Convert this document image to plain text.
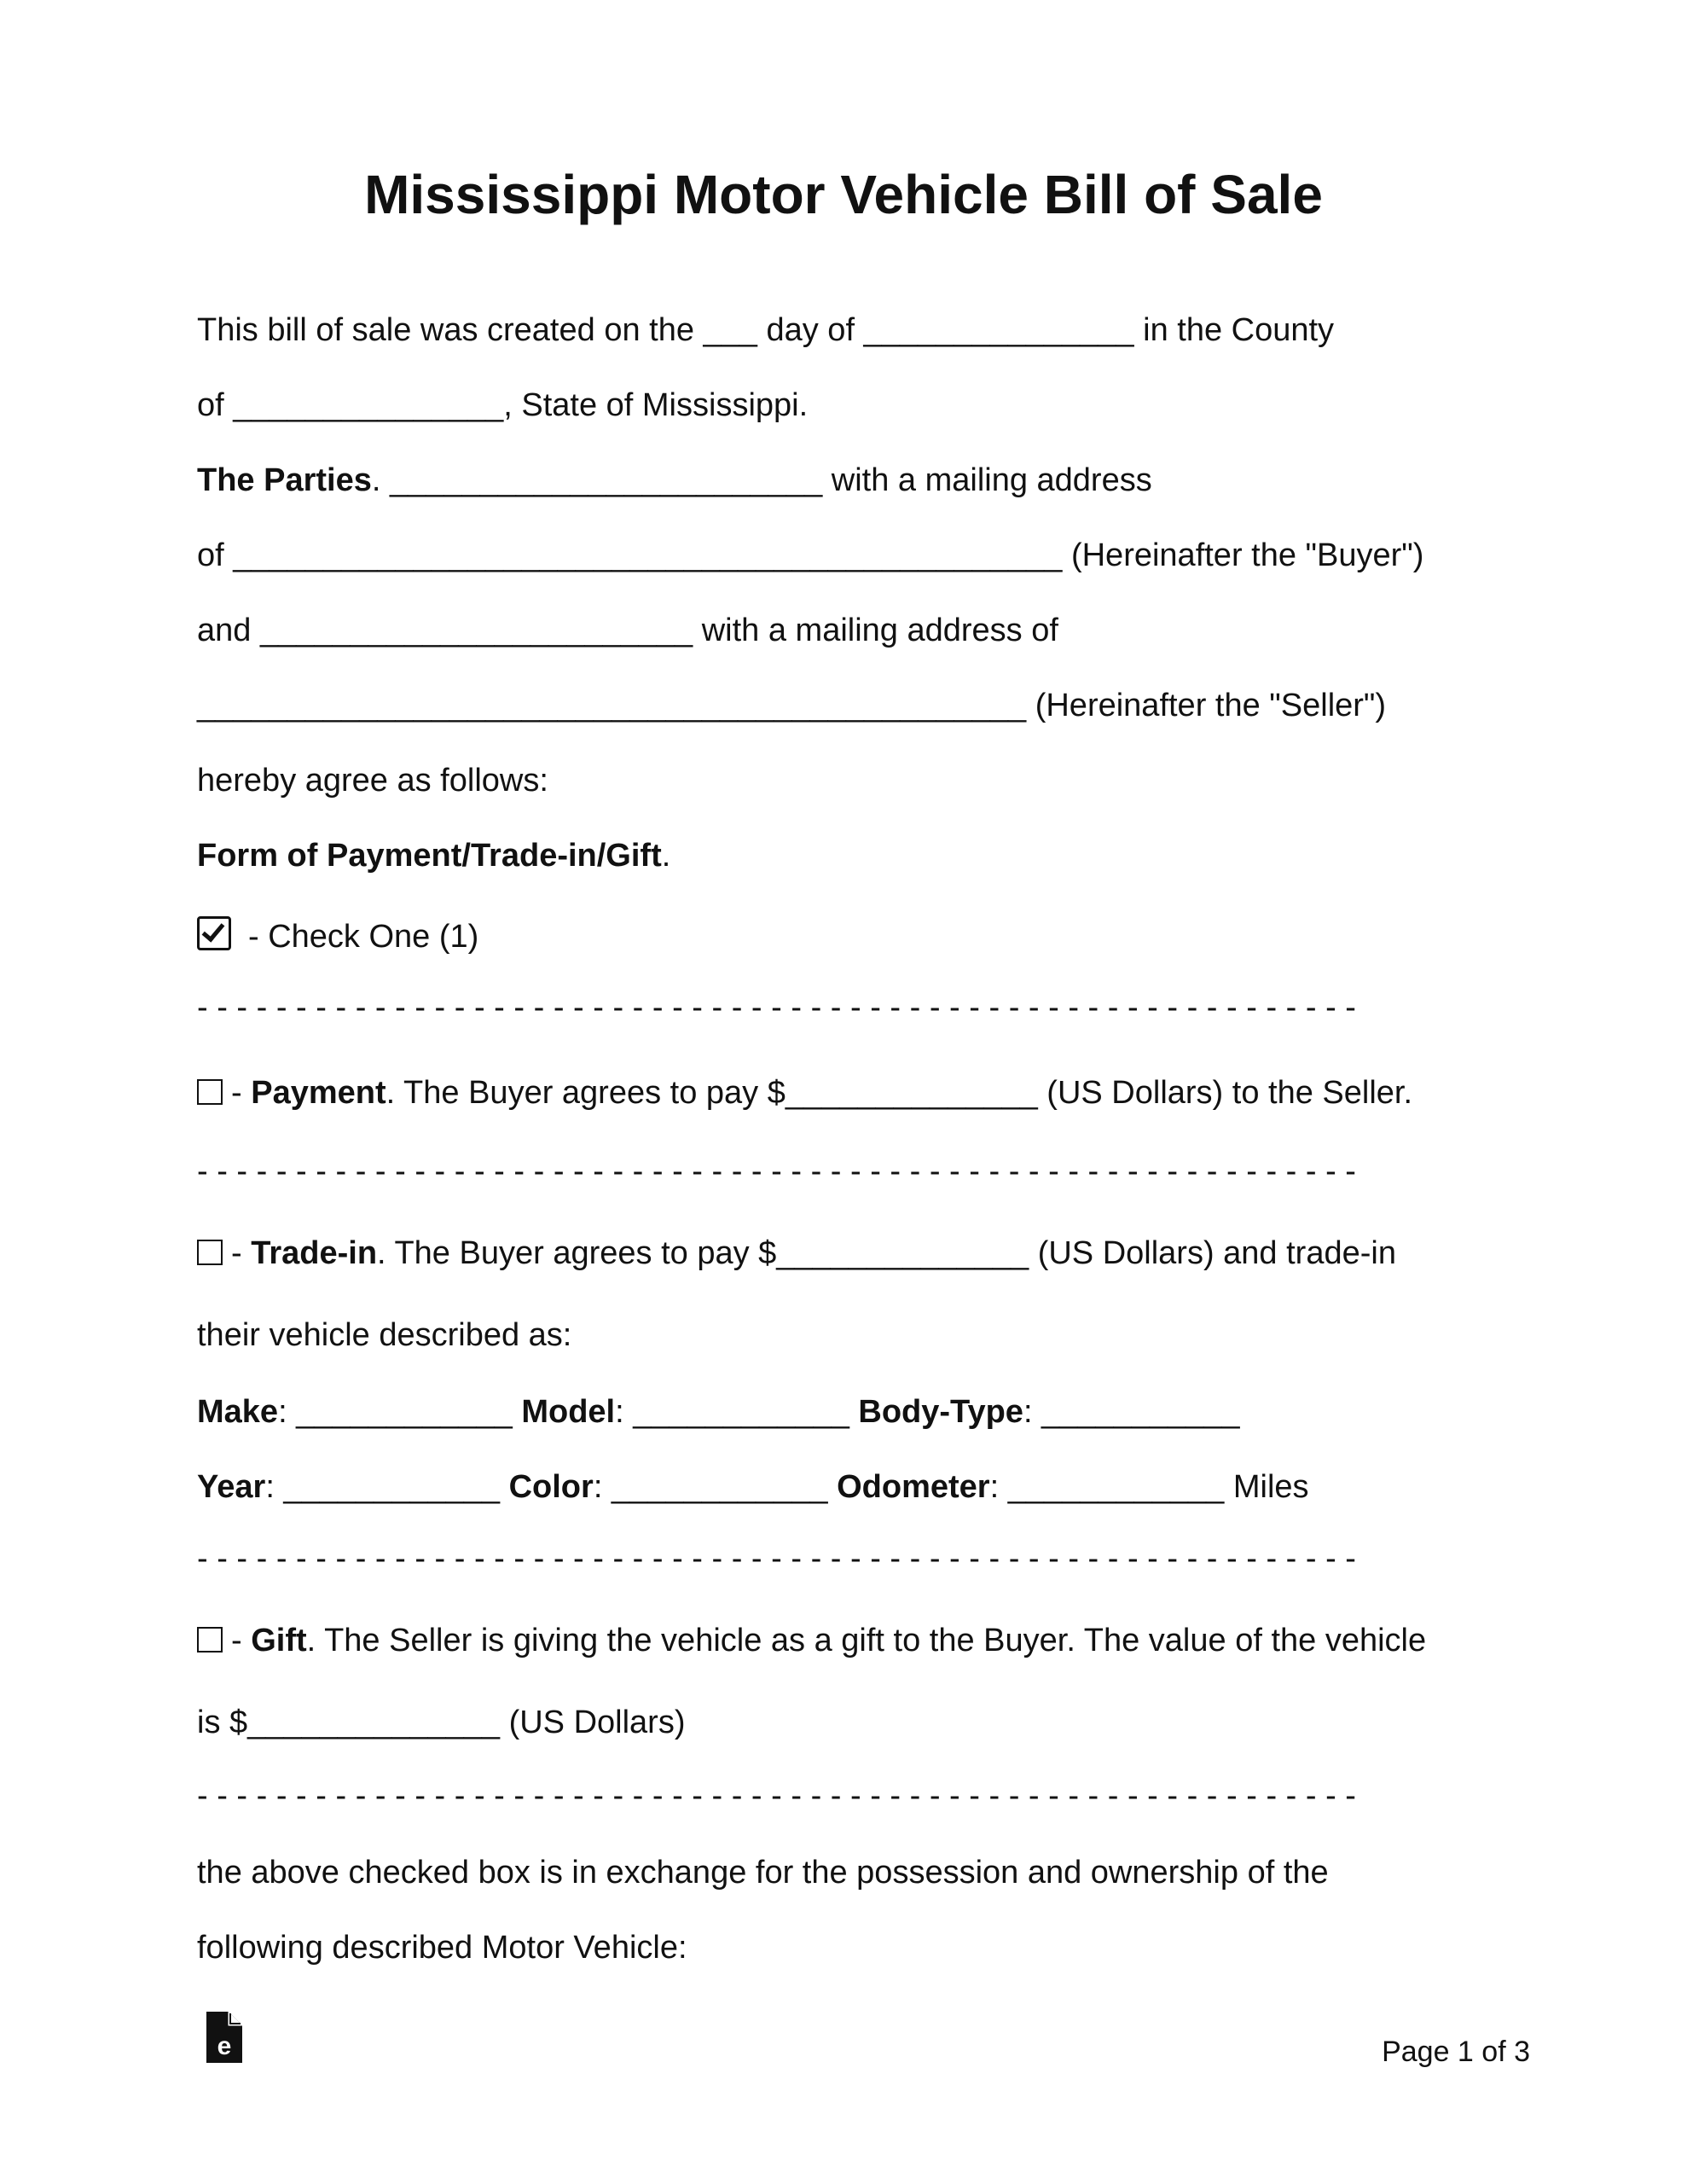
Mississippi Motor Vehicle Bill of Sale
This bill of sale was created on the ___ day of _______________ in the County
of _______________, State of Mississippi.
The Parties. ________________________ with a mailing address
of ______________________________________________ (Hereinafter the "Buyer")
and ________________________ with a mailing address of
______________________________________________ (Hereinafter the "Seller")
hereby agree as follows:
Form of Payment/Trade-in/Gift.
- Check One (1)
- - - - - - - - - - - - - - - - - - - - - - - - - - - - - - - - - - - - - - - - - - - - - - - - - - - - - - - - - - -
- Payment. The Buyer agrees to pay $______________ (US Dollars) to the Seller.
- - - - - - - - - - - - - - - - - - - - - - - - - - - - - - - - - - - - - - - - - - - - - - - - - - - - - - - - - - -
- Trade-in. The Buyer agrees to pay $______________ (US Dollars) and trade-in
their vehicle described as:
Make: ____________ Model: ____________ Body-Type: ___________
Year: ____________ Color: ____________ Odometer: ____________ Miles
- - - - - - - - - - - - - - - - - - - - - - - - - - - - - - - - - - - - - - - - - - - - - - - - - - - - - - - - - - -
- Gift. The Seller is giving the vehicle as a gift to the Buyer. The value of the vehicle
is $______________ (US Dollars)
- - - - - - - - - - - - - - - - - - - - - - - - - - - - - - - - - - - - - - - - - - - - - - - - - - - - - - - - - - -
the above checked box is in exchange for the possession and ownership of the
following described Motor Vehicle:
e	Page 1 of 3
